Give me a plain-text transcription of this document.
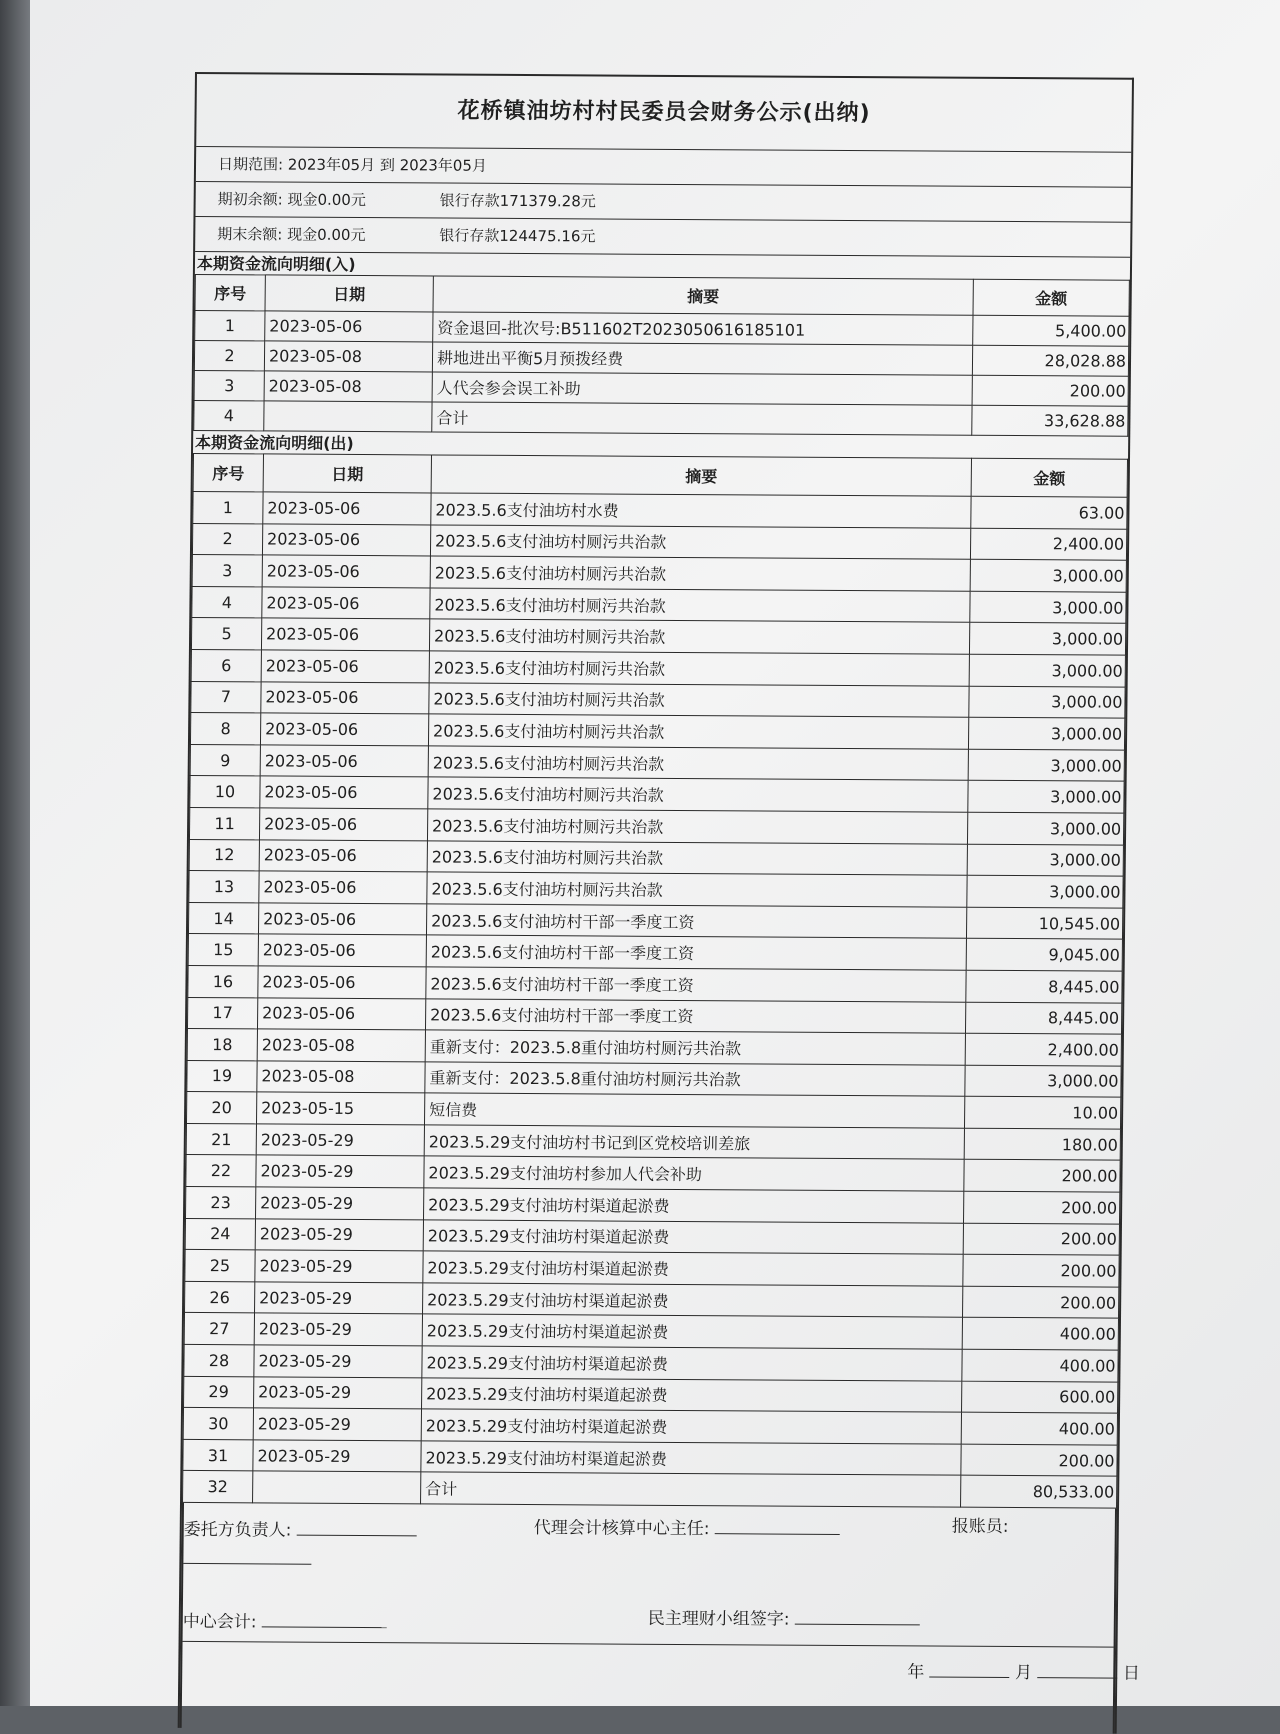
花桥镇油坊村村民委员会财务公示(出纳)
日期范围: 2023年05月 到 2023年05月
期初余额: 现金0.00元	银行存款171379.28元
期末余额: 现金0.00元	银行存款124475.16元
本期资金流向明细(入)
序号	日期	摘要	金额
1	2023-05-06	资金退回-批次号:B511602T2023050616185101	5,400.00
2	2023-05-08	耕地进出平衡5月预拨经费	28,028.88
3	2023-05-08	人代会参会误工补助	200.00
4		合计	33,628.88
本期资金流向明细(出)
序号	日期	摘要	金额
1	2023-05-06	2023.5.6支付油坊村水费	63.00
2	2023-05-06	2023.5.6支付油坊村厕污共治款	2,400.00
3	2023-05-06	2023.5.6支付油坊村厕污共治款	3,000.00
4	2023-05-06	2023.5.6支付油坊村厕污共治款	3,000.00
5	2023-05-06	2023.5.6支付油坊村厕污共治款	3,000.00
6	2023-05-06	2023.5.6支付油坊村厕污共治款	3,000.00
7	2023-05-06	2023.5.6支付油坊村厕污共治款	3,000.00
8	2023-05-06	2023.5.6支付油坊村厕污共治款	3,000.00
9	2023-05-06	2023.5.6支付油坊村厕污共治款	3,000.00
10	2023-05-06	2023.5.6支付油坊村厕污共治款	3,000.00
11	2023-05-06	2023.5.6支付油坊村厕污共治款	3,000.00
12	2023-05-06	2023.5.6支付油坊村厕污共治款	3,000.00
13	2023-05-06	2023.5.6支付油坊村厕污共治款	3,000.00
14	2023-05-06	2023.5.6支付油坊村干部一季度工资	10,545.00
15	2023-05-06	2023.5.6支付油坊村干部一季度工资	9,045.00
16	2023-05-06	2023.5.6支付油坊村干部一季度工资	8,445.00
17	2023-05-06	2023.5.6支付油坊村干部一季度工资	8,445.00
18	2023-05-08	重新支付：2023.5.8重付油坊村厕污共治款	2,400.00
19	2023-05-08	重新支付：2023.5.8重付油坊村厕污共治款	3,000.00
20	2023-05-15	短信费	10.00
21	2023-05-29	2023.5.29支付油坊村书记到区党校培训差旅	180.00
22	2023-05-29	2023.5.29支付油坊村参加人代会补助	200.00
23	2023-05-29	2023.5.29支付油坊村渠道起淤费	200.00
24	2023-05-29	2023.5.29支付油坊村渠道起淤费	200.00
25	2023-05-29	2023.5.29支付油坊村渠道起淤费	200.00
26	2023-05-29	2023.5.29支付油坊村渠道起淤费	200.00
27	2023-05-29	2023.5.29支付油坊村渠道起淤费	400.00
28	2023-05-29	2023.5.29支付油坊村渠道起淤费	400.00
29	2023-05-29	2023.5.29支付油坊村渠道起淤费	600.00
30	2023-05-29	2023.5.29支付油坊村渠道起淤费	400.00
31	2023-05-29	2023.5.29支付油坊村渠道起淤费	200.00
32		合计	80,533.00
委托方负责人:	代理会计核算中心主任:	报账员:
中心会计:	民主理财小组签字:
年	月	日
